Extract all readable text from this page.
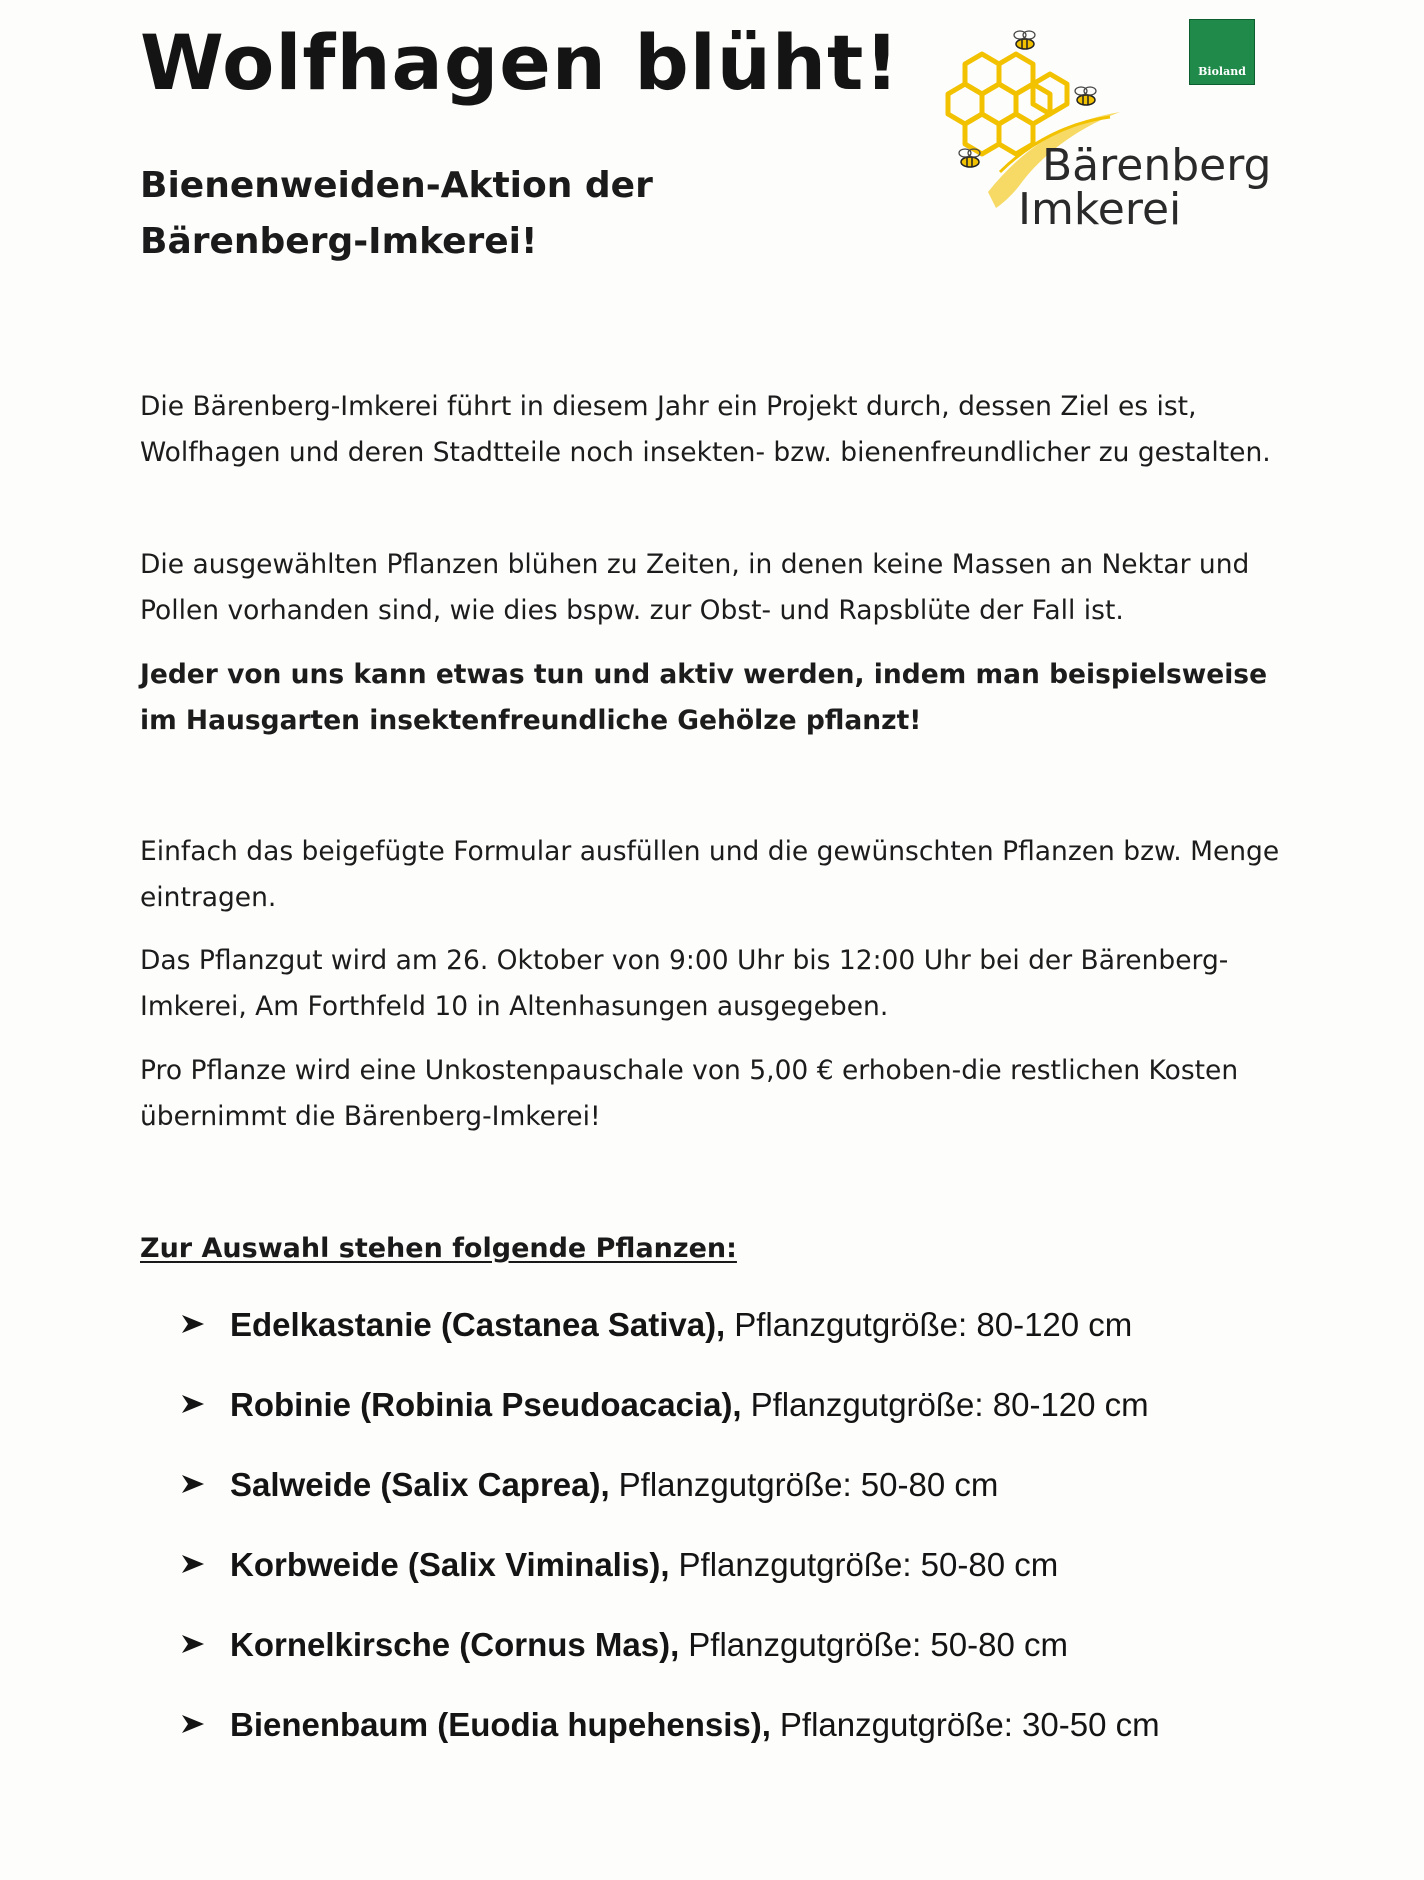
Wolfhagen blüht!
Bienenweiden-Aktion der
Bärenberg-Imkerei!
Bärenberg
Imkerei
Bioland

Die Bärenberg-Imkerei führt in diesem Jahr ein Projekt durch, dessen Ziel es ist, Wolfhagen und deren Stadtteile noch insekten- bzw. bienenfreundlicher zu gestalten.

Die ausgewählten Pflanzen blühen zu Zeiten, in denen keine Massen an Nektar und Pollen vorhanden sind, wie dies bspw. zur Obst- und Rapsblüte der Fall ist.

Jeder von uns kann etwas tun und aktiv werden, indem man beispielsweise im Hausgarten insektenfreundliche Gehölze pflanzt!

Einfach das beigefügte Formular ausfüllen und die gewünschten Pflanzen bzw. Menge eintragen.

Das Pflanzgut wird am 26. Oktober von 9:00 Uhr bis 12:00 Uhr bei der Bärenberg-Imkerei, Am Forthfeld 10 in Altenhasungen ausgegeben.

Pro Pflanze wird eine Unkostenpauschale von 5,00 € erhoben-die restlichen Kosten übernimmt die Bärenberg-Imkerei!

Zur Auswahl stehen folgende Pflanzen:
Edelkastanie (Castanea Sativa), Pflanzgutgröße: 80-120 cm
Robinie (Robinia Pseudoacacia), Pflanzgutgröße: 80-120 cm
Salweide (Salix Caprea), Pflanzgutgröße: 50-80 cm
Korbweide (Salix Viminalis), Pflanzgutgröße: 50-80 cm
Kornelkirsche (Cornus Mas), Pflanzgutgröße: 50-80 cm
Bienenbaum (Euodia hupehensis), Pflanzgutgröße: 30-50 cm
